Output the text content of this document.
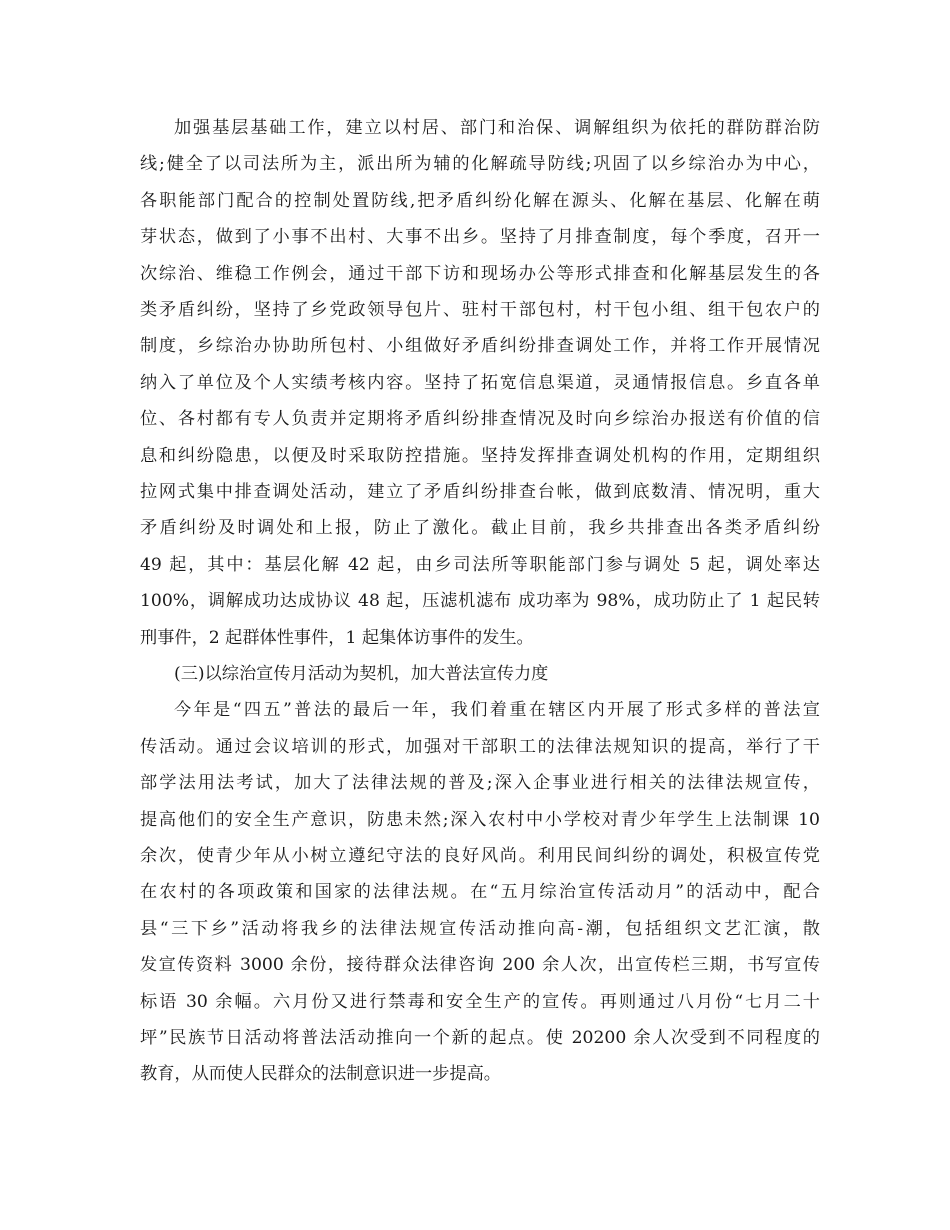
加强基层基础工作，建立以村居、部门和治保、调解组织为依托的群防群治防
线;健全了以司法所为主，派出所为辅的化解疏导防线;巩固了以乡综治办为中心，
各职能部门配合的控制处置防线,把矛盾纠纷化解在源头、化解在基层、化解在萌
芽状态，做到了小事不出村、大事不出乡。坚持了月排查制度，每个季度，召开一
次综治、维稳工作例会，通过干部下访和现场办公等形式排查和化解基层发生的各
类矛盾纠纷，坚持了乡党政领导包片、驻村干部包村，村干包小组、组干包农户的
制度，乡综治办协助所包村、小组做好矛盾纠纷排查调处工作，并将工作开展情况
纳入了单位及个人实绩考核内容。坚持了拓宽信息渠道，灵通情报信息。乡直各单
位、各村都有专人负责并定期将矛盾纠纷排查情况及时向乡综治办报送有价值的信
息和纠纷隐患，以便及时采取防控措施。坚持发挥排查调处机构的作用，定期组织
拉网式集中排查调处活动，建立了矛盾纠纷排查台帐，做到底数清、情况明，重大
矛盾纠纷及时调处和上报，防止了激化。截止目前，我乡共排查出各类矛盾纠纷
49 起，其中：基层化解 42 起，由乡司法所等职能部门参与调处 5 起，调处率达
100%，调解成功达成协议 48 起，压滤机滤布 成功率为 98%，成功防止了 1 起民转
刑事件，2 起群体性事件，1 起集体访事件的发生。
(三)以综治宣传月活动为契机，加大普法宣传力度
今年是“四五”普法的最后一年，我们着重在辖区内开展了形式多样的普法宣
传活动。通过会议培训的形式，加强对干部职工的法律法规知识的提高，举行了干
部学法用法考试，加大了法律法规的普及;深入企事业进行相关的法律法规宣传，
提高他们的安全生产意识，防患未然;深入农村中小学校对青少年学生上法制课 10
余次，使青少年从小树立遵纪守法的良好风尚。利用民间纠纷的调处，积极宣传党
在农村的各项政策和国家的法律法规。在“五月综治宣传活动月”的活动中，配合
县“三下乡”活动将我乡的法律法规宣传活动推向高-潮，包括组织文艺汇演，散
发宣传资料 3000 余份，接待群众法律咨询 200 余人次，出宣传栏三期，书写宣传
标语 30 余幅。六月份又进行禁毒和安全生产的宣传。再则通过八月份“七月二十
坪”民族节日活动将普法活动推向一个新的起点。使 20200 余人次受到不同程度的
教育，从而使人民群众的法制意识进一步提高。
